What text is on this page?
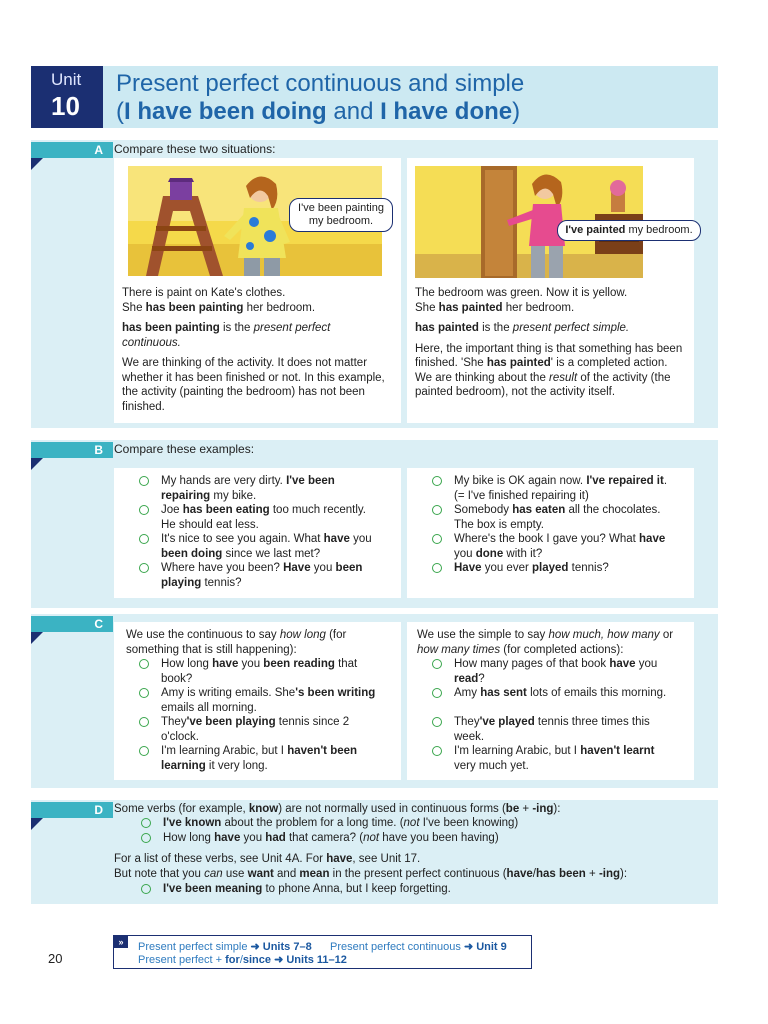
Unit
10
Present perfect continuous and simple
(I have been doing and I have done)
A Compare these two situations:
I've been painting my bedroom.

There is paint on Kate's clothes.
She has been painting her bedroom.

has been painting is the present perfect continuous.

We are thinking of the activity. It does not matter whether it has been finished or not. In this example, the activity (painting the bedroom) has not been finished.

I've painted my bedroom.

The bedroom was green. Now it is yellow.
She has painted her bedroom.

has painted is the present perfect simple.

Here, the important thing is that something has been finished. 'She has painted' is a completed action. We are thinking about the result of the activity (the painted bedroom), not the activity itself.

B Compare these examples:
My hands are very dirty. I've been repairing my bike.
Joe has been eating too much recently. He should eat less.
It's nice to see you again. What have you been doing since we last met?
Where have you been? Have you been playing tennis?
My bike is OK again now. I've repaired it. (= I've finished repairing it)
Somebody has eaten all the chocolates. The box is empty.
Where's the book I gave you? What have you done with it?
Have you ever played tennis?
C
We use the continuous to say how long (for something that is still happening):
How long have you been reading that book?
Amy is writing emails. She's been writing emails all morning.
They've been playing tennis since 2 o'clock.
I'm learning Arabic, but I haven't been learning it very long.
We use the simple to say how much, how many or how many times (for completed actions):
How many pages of that book have you read?
Amy has sent lots of emails this morning.
They've played tennis three times this week.
I'm learning Arabic, but I haven't learnt very much yet.
D Some verbs (for example, know) are not normally used in continuous forms (be + -ing):
I've known about the problem for a long time. (not I've been knowing)
How long have you had that camera? (not have you been having)
For a list of these verbs, see Unit 4A. For have, see Unit 17.
But note that you can use want and mean in the present perfect continuous (have/has been + -ing):
I've been meaning to phone Anna, but I keep forgetting.
20
»	Present perfect simple ➜ Units 7–8      Present perfect continuous ➜ Unit 9
Present perfect + for/since ➜ Units 11–12
